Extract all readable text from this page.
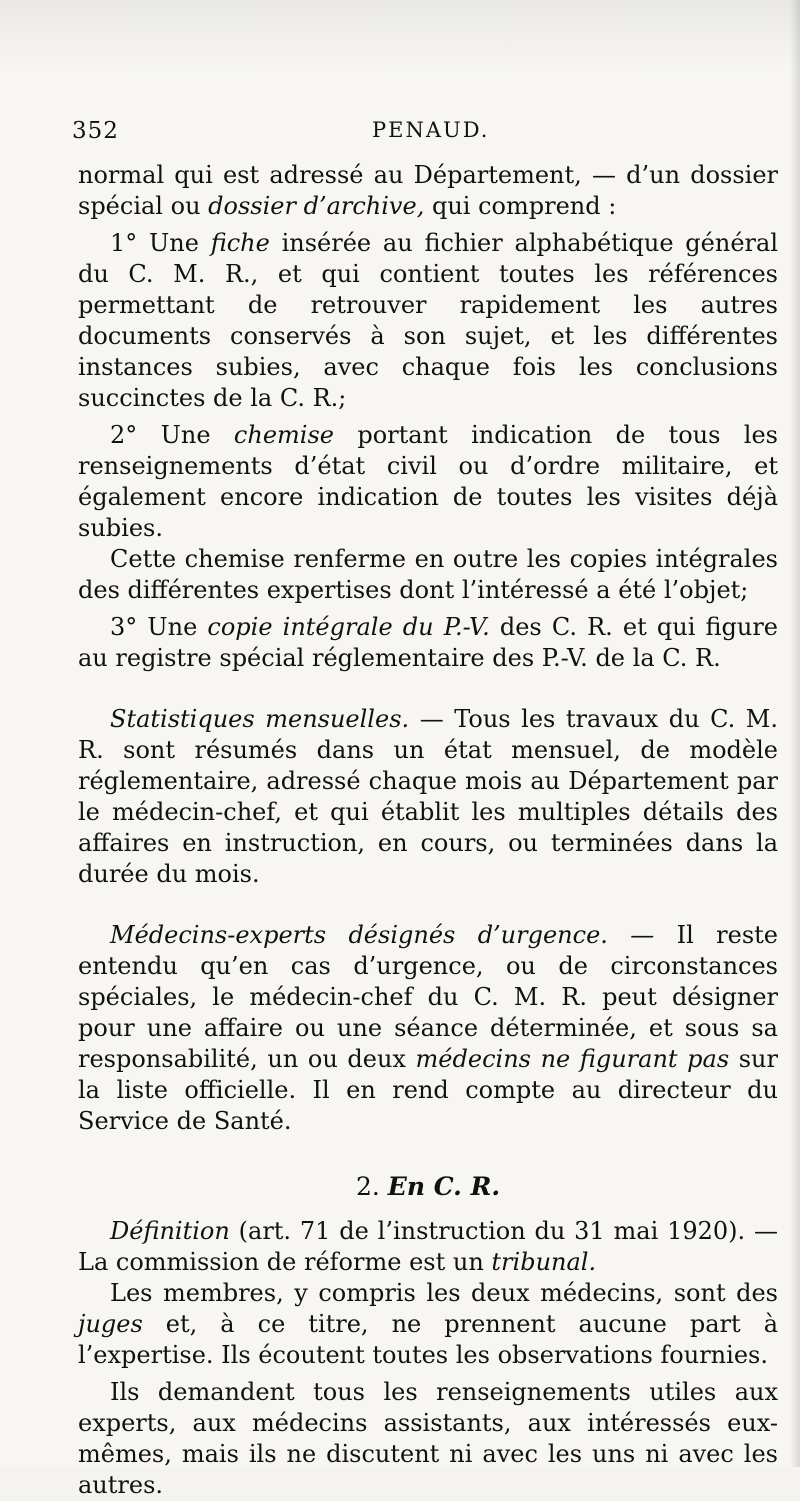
352	PENAUD.

normal qui est adressé au Département, — d’un dossier spécial ou dossier d’archive, qui comprend :

1° Une fiche insérée au fichier alphabétique général du C. M. R., et qui contient toutes les références permettant de retrouver rapidement les autres documents conservés à son sujet, et les différentes instances subies, avec chaque fois les conclusions succinctes de la C. R.;

2° Une chemise portant indication de tous les renseignements d’état civil ou d’ordre militaire, et également encore indication de toutes les visites déjà subies.

Cette chemise renferme en outre les copies intégrales des différentes expertises dont l’intéressé a été l’objet;

3° Une copie intégrale du P.-V. des C. R. et qui figure au registre spécial réglementaire des P.-V. de la C. R.

Statistiques mensuelles. — Tous les travaux du C. M. R. sont résumés dans un état mensuel, de modèle réglementaire, adressé chaque mois au Département par le médecin-chef, et qui établit les multiples détails des affaires en instruction, en cours, ou terminées dans la durée du mois.

Médecins-experts désignés d’urgence. — Il reste entendu qu’en cas d’urgence, ou de circonstances spéciales, le médecin-chef du C. M. R. peut désigner pour une affaire ou une séance déterminée, et sous sa responsabilité, un ou deux médecins ne figurant pas sur la liste officielle. Il en rend compte au directeur du Service de Santé.

2. En C. R.

Définition (art. 71 de l’instruction du 31 mai 1920). — La commission de réforme est un tribunal.

Les membres, y compris les deux médecins, sont des juges et, à ce titre, ne prennent aucune part à l’expertise. Ils écoutent toutes les observations fournies.

Ils demandent tous les renseignements utiles aux experts, aux médecins assistants, aux intéressés eux-mêmes, mais ils ne discutent ni avec les uns ni avec les autres.
